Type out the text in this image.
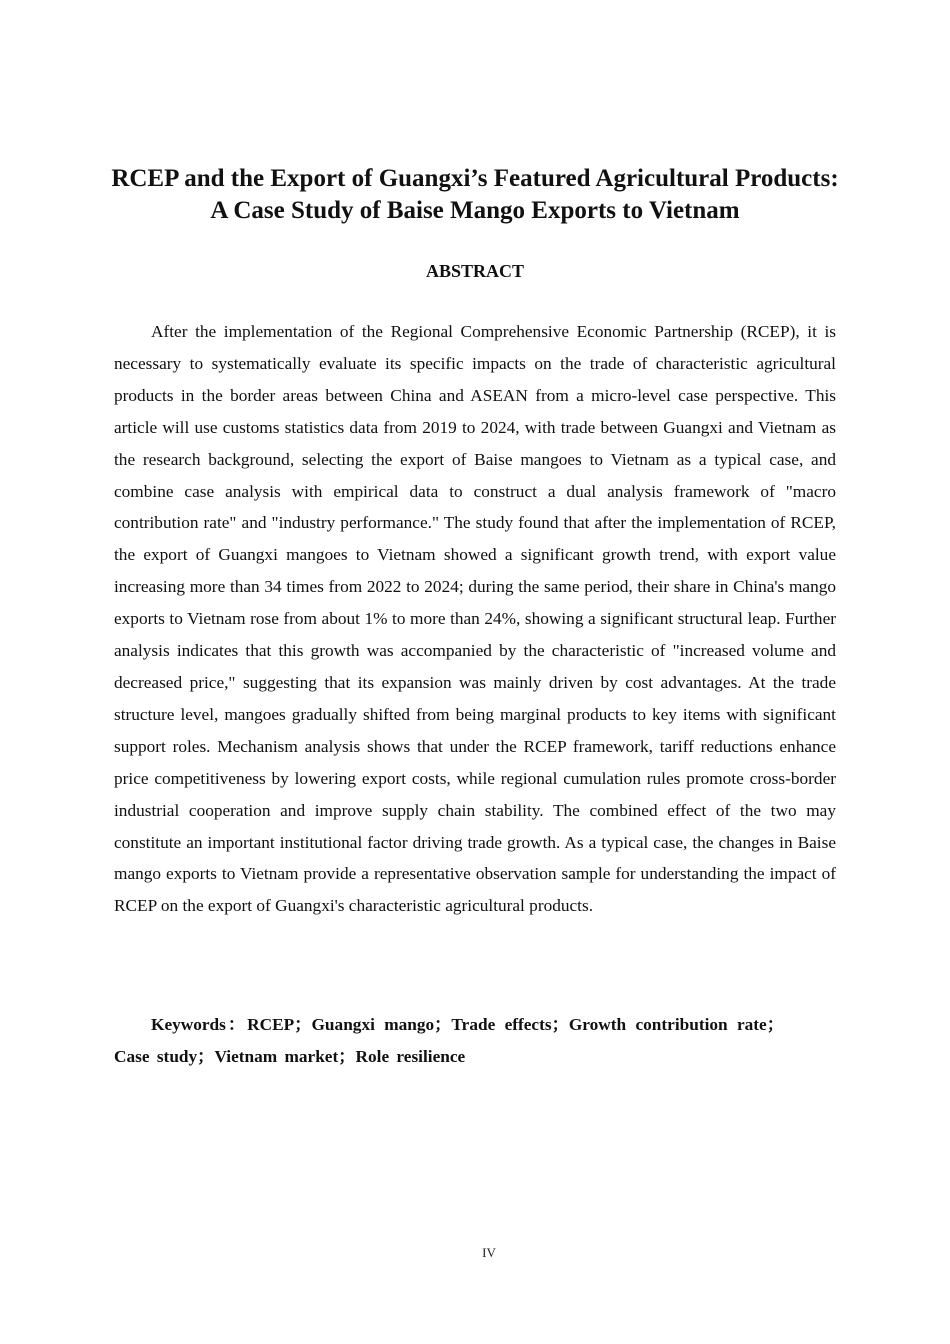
RCEP and the Export of Guangxi’s Featured Agricultural Products: A Case Study of Baise Mango Exports to Vietnam
ABSTRACT

After the implementation of the Regional Comprehensive Economic Partnership (RCEP), it is necessary to systematically evaluate its specific impacts on the trade of characteristic agricultural products in the border areas between China and ASEAN from a micro-level case perspective. This article will use customs statistics data from 2019 to 2024, with trade between Guangxi and Vietnam as the research background, selecting the export of Baise mangoes to Vietnam as a typical case, and combine case analysis with empirical data to construct a dual analysis framework of "macro contribution rate" and "industry performance." The study found that after the implementation of RCEP, the export of Guangxi mangoes to Vietnam showed a significant growth trend, with export value increasing more than 34 times from 2022 to 2024; during the same period, their share in China's mango exports to Vietnam rose from about 1% to more than 24%, showing a significant structural leap. Further analysis indicates that this growth was accompanied by the characteristic of "increased volume and decreased price," suggesting that its expansion was mainly driven by cost advantages. At the trade structure level, mangoes gradually shifted from being marginal products to key items with significant support roles. Mechanism analysis shows that under the RCEP framework, tariff reductions enhance price competitiveness by lowering export costs, while regional cumulation rules promote cross-border industrial cooperation and improve supply chain stability. The combined effect of the two may constitute an important institutional factor driving trade growth. As a typical case, the changes in Baise mango exports to Vietnam provide a representative observation sample for understanding the impact of RCEP on the export of Guangxi's characteristic agricultural products.

Keywords：RCEP；Guangxi mango；Trade effects；Growth contribution rate；Case study；Vietnam market；Role resilience

IV
